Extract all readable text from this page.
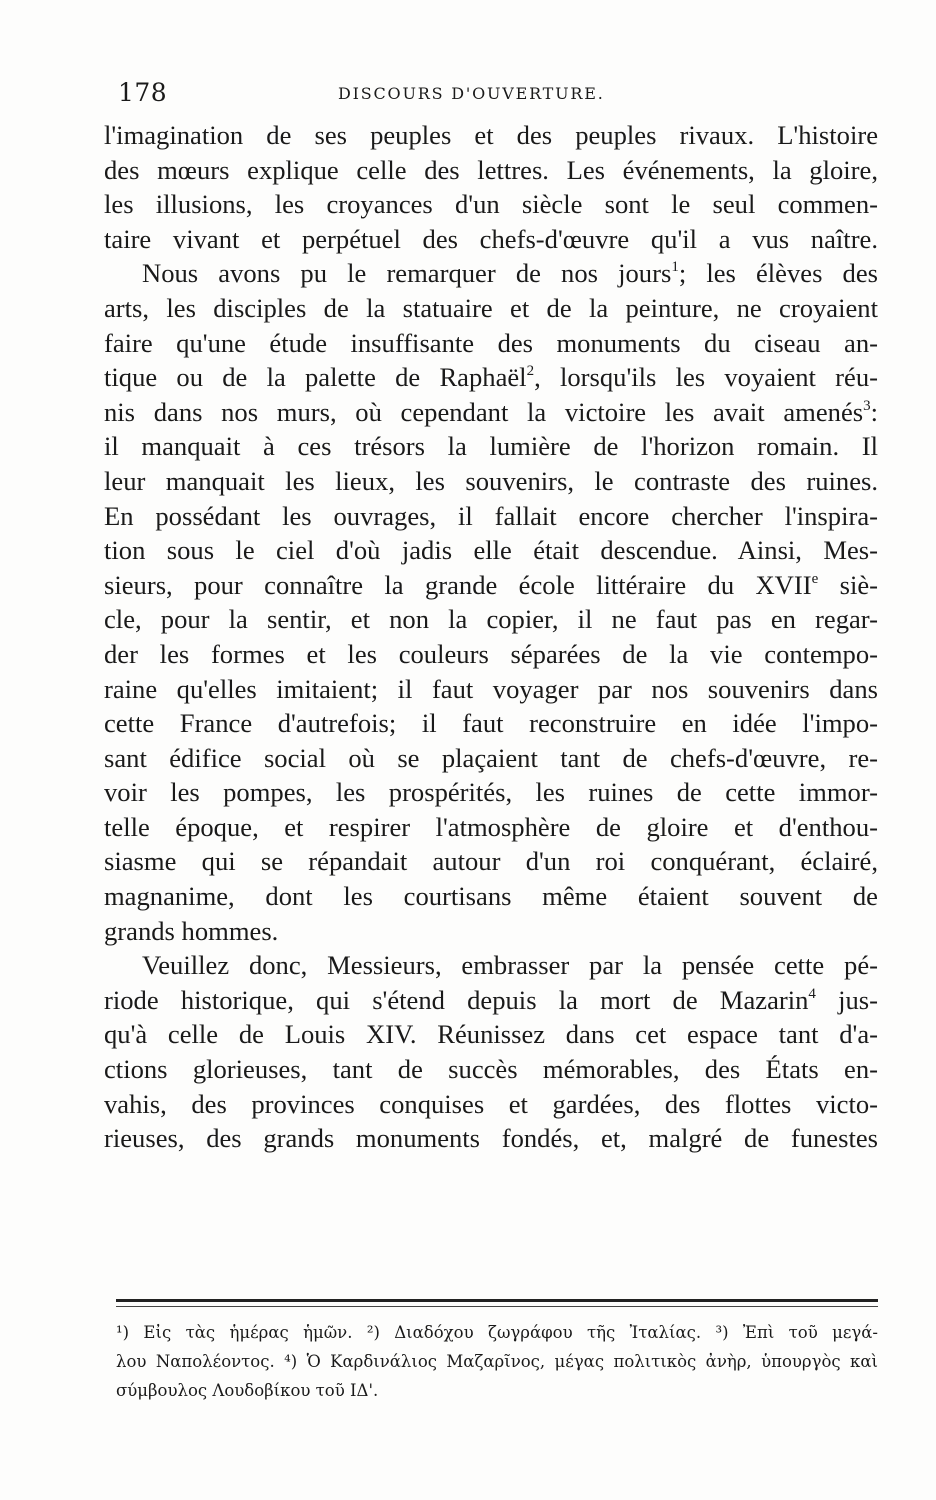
178	DISCOURS D'OUVERTURE.
l'imagination de ses peuples et des peuples rivaux. L'histoire
des mœurs explique celle des lettres. Les événements, la gloire,
les illusions, les croyances d'un siècle sont le seul commen-
taire vivant et perpétuel des chefs-d'œuvre qu'il a vus naître.
Nous avons pu le remarquer de nos jours$^1$; les élèves des
arts, les disciples de la statuaire et de la peinture, ne croyaient
faire qu'une étude insuffisante des monuments du ciseau an-
tique ou de la palette de Raphaël$^2$, lorsqu'ils les voyaient réu-
nis dans nos murs, où cependant la victoire les avait amenés$^3$:
il manquait à ces trésors la lumière de l'horizon romain. Il
leur manquait les lieux, les souvenirs, le contraste des ruines.
En possédant les ouvrages, il fallait encore chercher l'inspira-
tion sous le ciel d'où jadis elle était descendue. Ainsi, Mes-
sieurs, pour connaître la grande école littéraire du XVIIe siè-
cle, pour la sentir, et non la copier, il ne faut pas en regar-
der les formes et les couleurs séparées de la vie contempo-
raine qu'elles imitaient; il faut voyager par nos souvenirs dans
cette France d'autrefois; il faut reconstruire en idée l'impo-
sant édifice social où se plaçaient tant de chefs-d'œuvre, re-
voir les pompes, les prospérités, les ruines de cette immor-
telle époque, et respirer l'atmosphère de gloire et d'enthou-
siasme qui se répandait autour d'un roi conquérant, éclairé,
magnanime, dont les courtisans même étaient souvent de
grands hommes.
Veuillez donc, Messieurs, embrasser par la pensée cette pé-
riode historique, qui s'étend depuis la mort de Mazarin$^4$ jus-
qu'à celle de Louis XIV. Réunissez dans cet espace tant d'a-
ctions glorieuses, tant de succès mémorables, des États en-
vahis, des provinces conquises et gardées, des flottes victo-
rieuses, des grands monuments fondés, et, malgré de funestes
¹) Εἰς τὰς ἡμέρας ἡμῶν. ²) Διαδόχου ζωγράφου τῆς Ἰταλίας. ³) Ἐπὶ τοῦ μεγά-
λου Ναπολέοντος. ⁴) Ὁ Καρδινάλιος Μαζαρῖνος, μέγας πολιτικὸς ἀνὴρ, ὑπουργὸς καὶ
σύμβουλος Λουδοβίκου τοῦ ΙΔ'.
